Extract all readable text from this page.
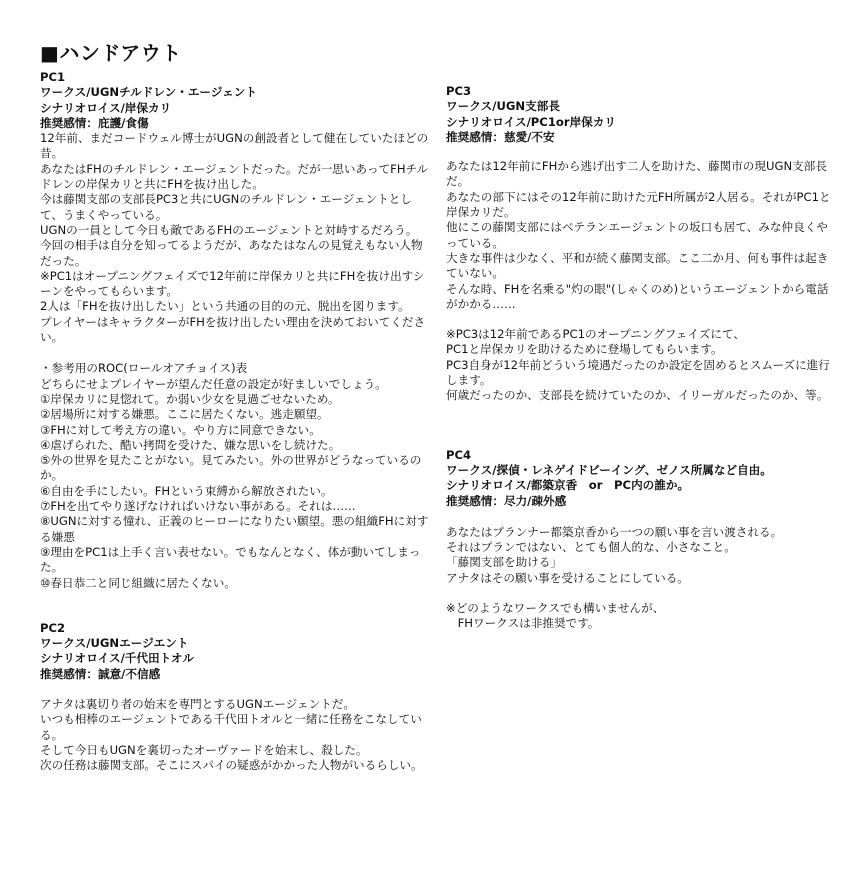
■ハンドアウト
PC1
ワークス/UGNチルドレン・エージェント
シナリオロイス/岸保カリ
推奨感情：庇護/食傷
12年前、まだコードウェル博士がUGNの創設者として健在していたほどの昔。
あなたはFHのチルドレン・エージェントだった。だが一思いあってFHチルドレンの岸保カリと共にFHを抜け出した。
今は藤関支部の支部長PC3と共にUGNのチルドレン・エージェントとして、うまくやっている。
UGNの一員として今日も敵であるFHのエージェントと対峙するだろう。
今回の相手は自分を知ってるようだが、あなたはなんの見覚えもない人物だった。
※PC1はオープニングフェイズで12年前に岸保カリと共にFHを抜け出すシーンをやってもらいます。
2人は「FHを抜け出したい」という共通の目的の元、脱出を図ります。
プレイヤーはキャラクターがFHを抜け出したい理由を決めておいてください。
・参考用のROC(ロールオアチョイス)表
どちらにせよプレイヤーが望んだ任意の設定が好ましいでしょう。
①岸保カリに見惚れて。か弱い少女を見過ごせないため。
②居場所に対する嫌悪。ここに居たくない。逃走願望。
③FHに対して考え方の違い。やり方に同意できない。
④虐げられた、酷い拷問を受けた、嫌な思いをし続けた。
⑤外の世界を見たことがない。見てみたい。外の世界がどうなっているのか。
⑥自由を手にしたい。FHという束縛から解放されたい。
⑦FHを出てやり遂げなければいけない事がある。それは……
⑧UGNに対する憧れ、正義のヒーローになりたい願望。悪の組織FHに対する嫌悪
⑨理由をPC1は上手く言い表せない。でもなんとなく、体が動いてしまった。
⑩春日恭二と同じ組織に居たくない。
PC2
ワークス/UGNエージエント
シナリオロイス/千代田トオル
推奨感情：誠意/不信感
アナタは裏切り者の始末を専門とするUGNエージェントだ。
いつも相棒のエージェントである千代田トオルと一緒に任務をこなしている。
そして今日もUGNを裏切ったオーヴァードを始末し、殺した。
次の任務は藤関支部。そこにスパイの疑惑がかかった人物がいるらしい。
PC3
ワークス/UGN支部長
シナリオロイス/PC1or岸保カリ
推奨感情：慈愛/不安
あなたは12年前にFHから逃げ出す二人を助けた、藤関市の現UGN支部長だ。
あなたの部下にはその12年前に助けた元FH所属が2人居る。それがPC1と岸保カリだ。
他にこの藤関支部にはベテランエージェントの坂口も居て、みな仲良くやっている。
大きな事件は少なく、平和が続く藤関支部。ここ二か月、何も事件は起きていない。
そんな時、FHを名乗る"灼の眼"(しゃくのめ)というエージェントから電話がかかる……
※PC3は12年前であるPC1のオープニングフェイズにて、
PC1と岸保カリを助けるために登場してもらいます。
PC3自身が12年前どういう境遇だったのか設定を固めるとスムーズに進行します。
何歳だったのか、支部長を続けていたのか、イリーガルだったのか、等。
PC4
ワークス/探偵・レネゲイドビーイング、ゼノス所属など自由。
シナリオロイス/都築京香　or　PC内の誰か。
推奨感情：尽力/疎外感
あなたはプランナー都築京香から一つの願い事を言い渡される。
それはプランではない、とても個人的な、小さなこと。
「藤関支部を助ける」
アナタはその願い事を受けることにしている。
※どのようなワークスでも構いませんが、
　FHワークスは非推奨です。
